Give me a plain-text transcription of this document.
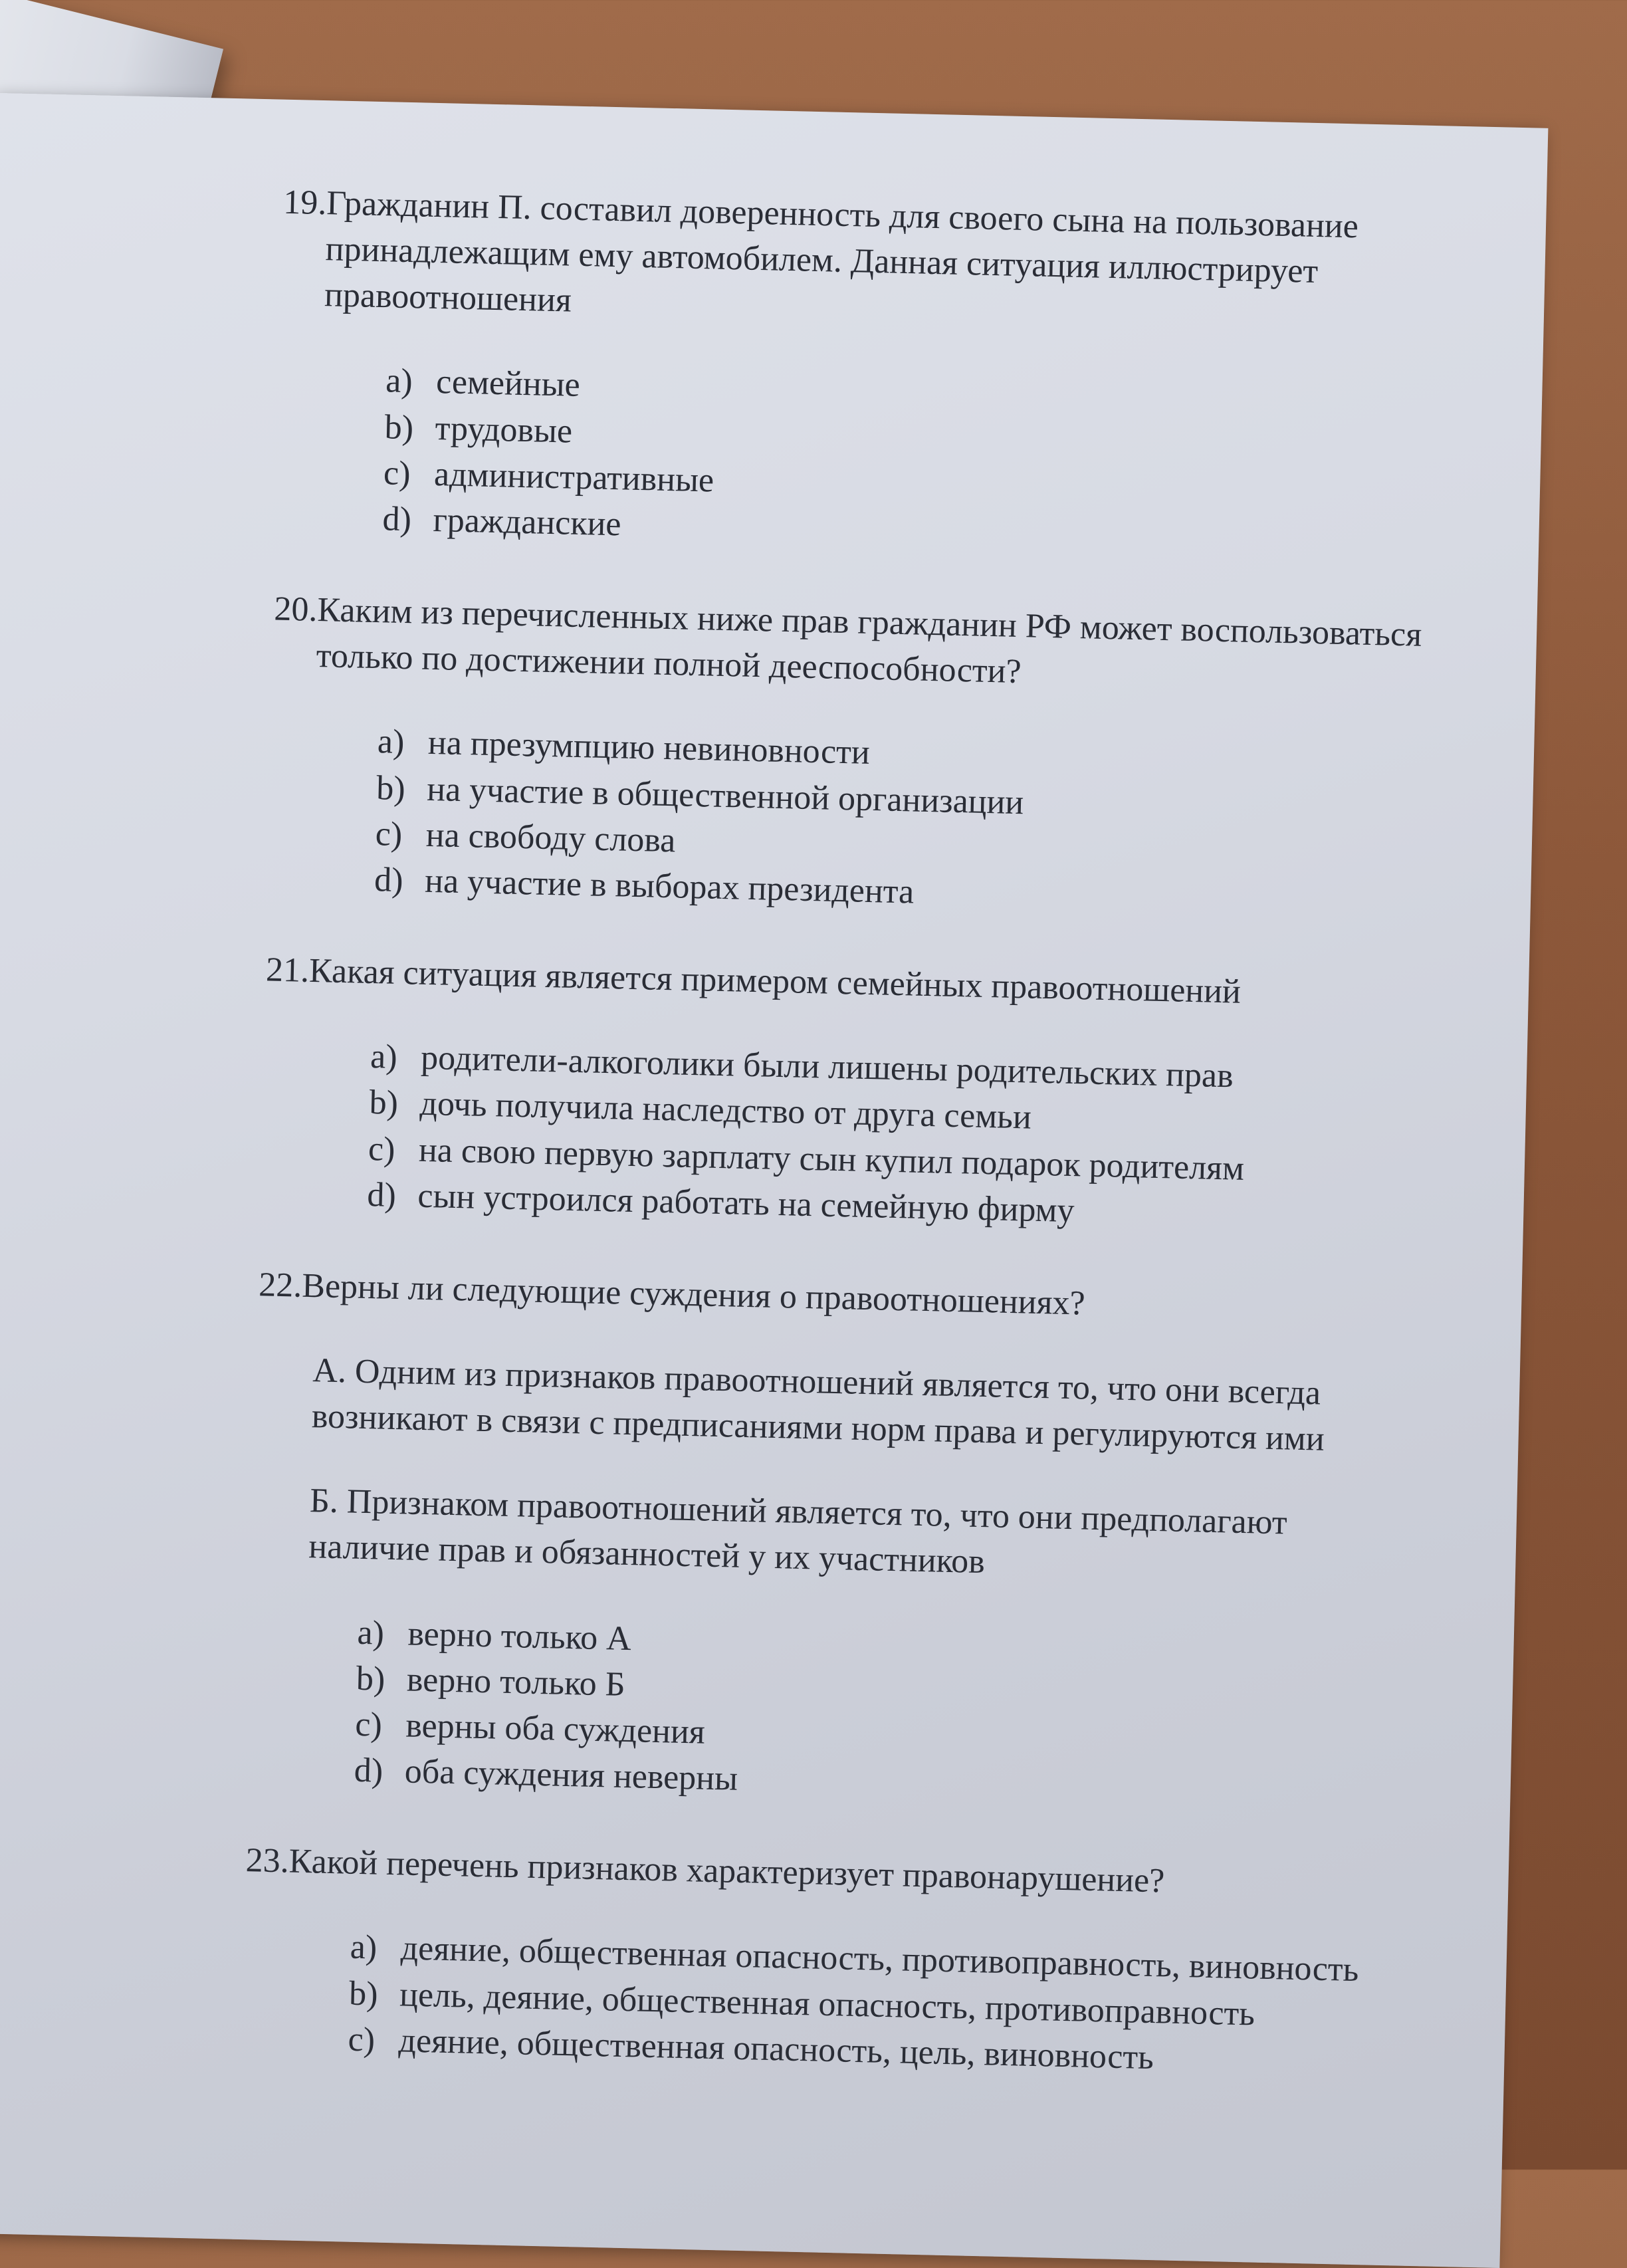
19.
Гражданин П. составил доверенность для своего сына на пользование принадлежащим ему автомобилем. Данная ситуация иллюстрирует правоотношения
a) семейные
b) трудовые
c) административные
d) гражданские
20.
Каким из перечисленных ниже прав гражданин РФ может воспользоваться только по достижении полной дееспособности?
a) на презумпцию невиновности
b) на участие в общественной организации
c) на свободу слова
d) на участие в выборах президента
21.
Какая ситуация является примером семейных правоотношений
a) родители-алкоголики были лишены родительских прав
b) дочь получила наследство от друга семьи
c) на свою первую зарплату сын купил подарок родителям
d) сын устроился работать на семейную фирму
22.
Верны ли следующие суждения о правоотношениях?
А. Одним из признаков правоотношений является то, что они всегда возникают в связи с предписаниями норм права и регулируются ими
Б. Признаком правоотношений является то, что они предполагают наличие прав и обязанностей у их участников
a) верно только А
b) верно только Б
c) верны оба суждения
d) оба суждения неверны
23.
Какой перечень признаков характеризует правонарушение?
a) деяние, общественная опасность, противоправность, виновность
b) цель, деяние, общественная опасность, противоправность
c) деяние, общественная опасность, цель, виновность
